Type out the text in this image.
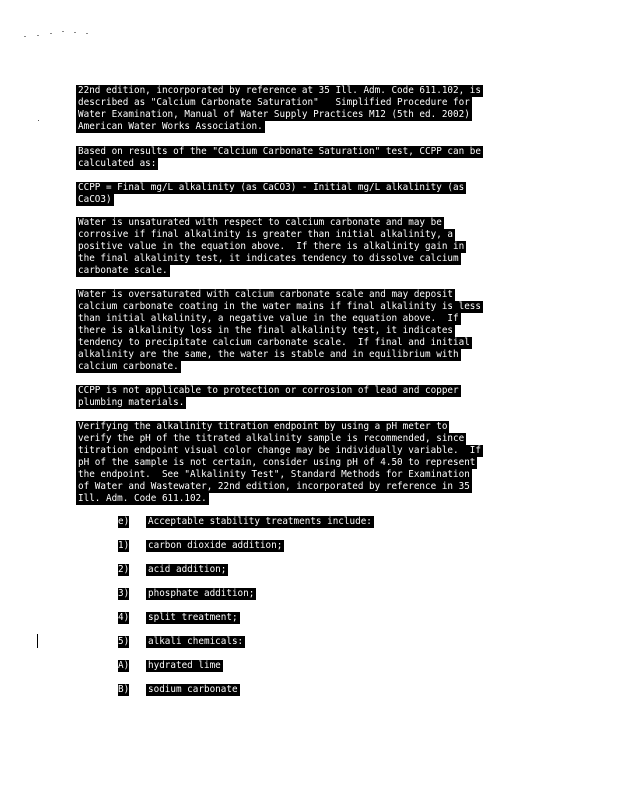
22nd edition, incorporated by reference at 35 Ill. Adm. Code 611.102, is
described as "Calcium Carbonate Saturation"   Simplified Procedure for
Water Examination, Manual of Water Supply Practices M12 (5th ed. 2002)
American Water Works Association.
Based on results of the "Calcium Carbonate Saturation" test, CCPP can be
calculated as:
CCPP = Final mg/L alkalinity (as CaCO3) - Initial mg/L alkalinity (as
CaCO3)
Water is unsaturated with respect to calcium carbonate and may be
corrosive if final alkalinity is greater than initial alkalinity, a
positive value in the equation above.  If there is alkalinity gain in
the final alkalinity test, it indicates tendency to dissolve calcium
carbonate scale.
Water is oversaturated with calcium carbonate scale and may deposit
calcium carbonate coating in the water mains if final alkalinity is less
than initial alkalinity, a negative value in the equation above.  If
there is alkalinity loss in the final alkalinity test, it indicates
tendency to precipitate calcium carbonate scale.  If final and initial
alkalinity are the same, the water is stable and in equilibrium with
calcium carbonate.
CCPP is not applicable to protection or corrosion of lead and copper
plumbing materials.
Verifying the alkalinity titration endpoint by using a pH meter to
verify the pH of the titrated alkalinity sample is recommended, since
titration endpoint visual color change may be individually variable.  If
pH of the sample is not certain, consider using pH of 4.50 to represent
the endpoint.  See "Alkalinity Test", Standard Methods for Examination
of Water and Wastewater, 22nd edition, incorporated by reference in 35
Ill. Adm. Code 611.102.
e) Acceptable stability treatments include:
1) carbon dioxide addition;
2) acid addition;
3) phosphate addition;
4) split treatment;
5) alkali chemicals:
A) hydrated lime
B) sodium carbonate
